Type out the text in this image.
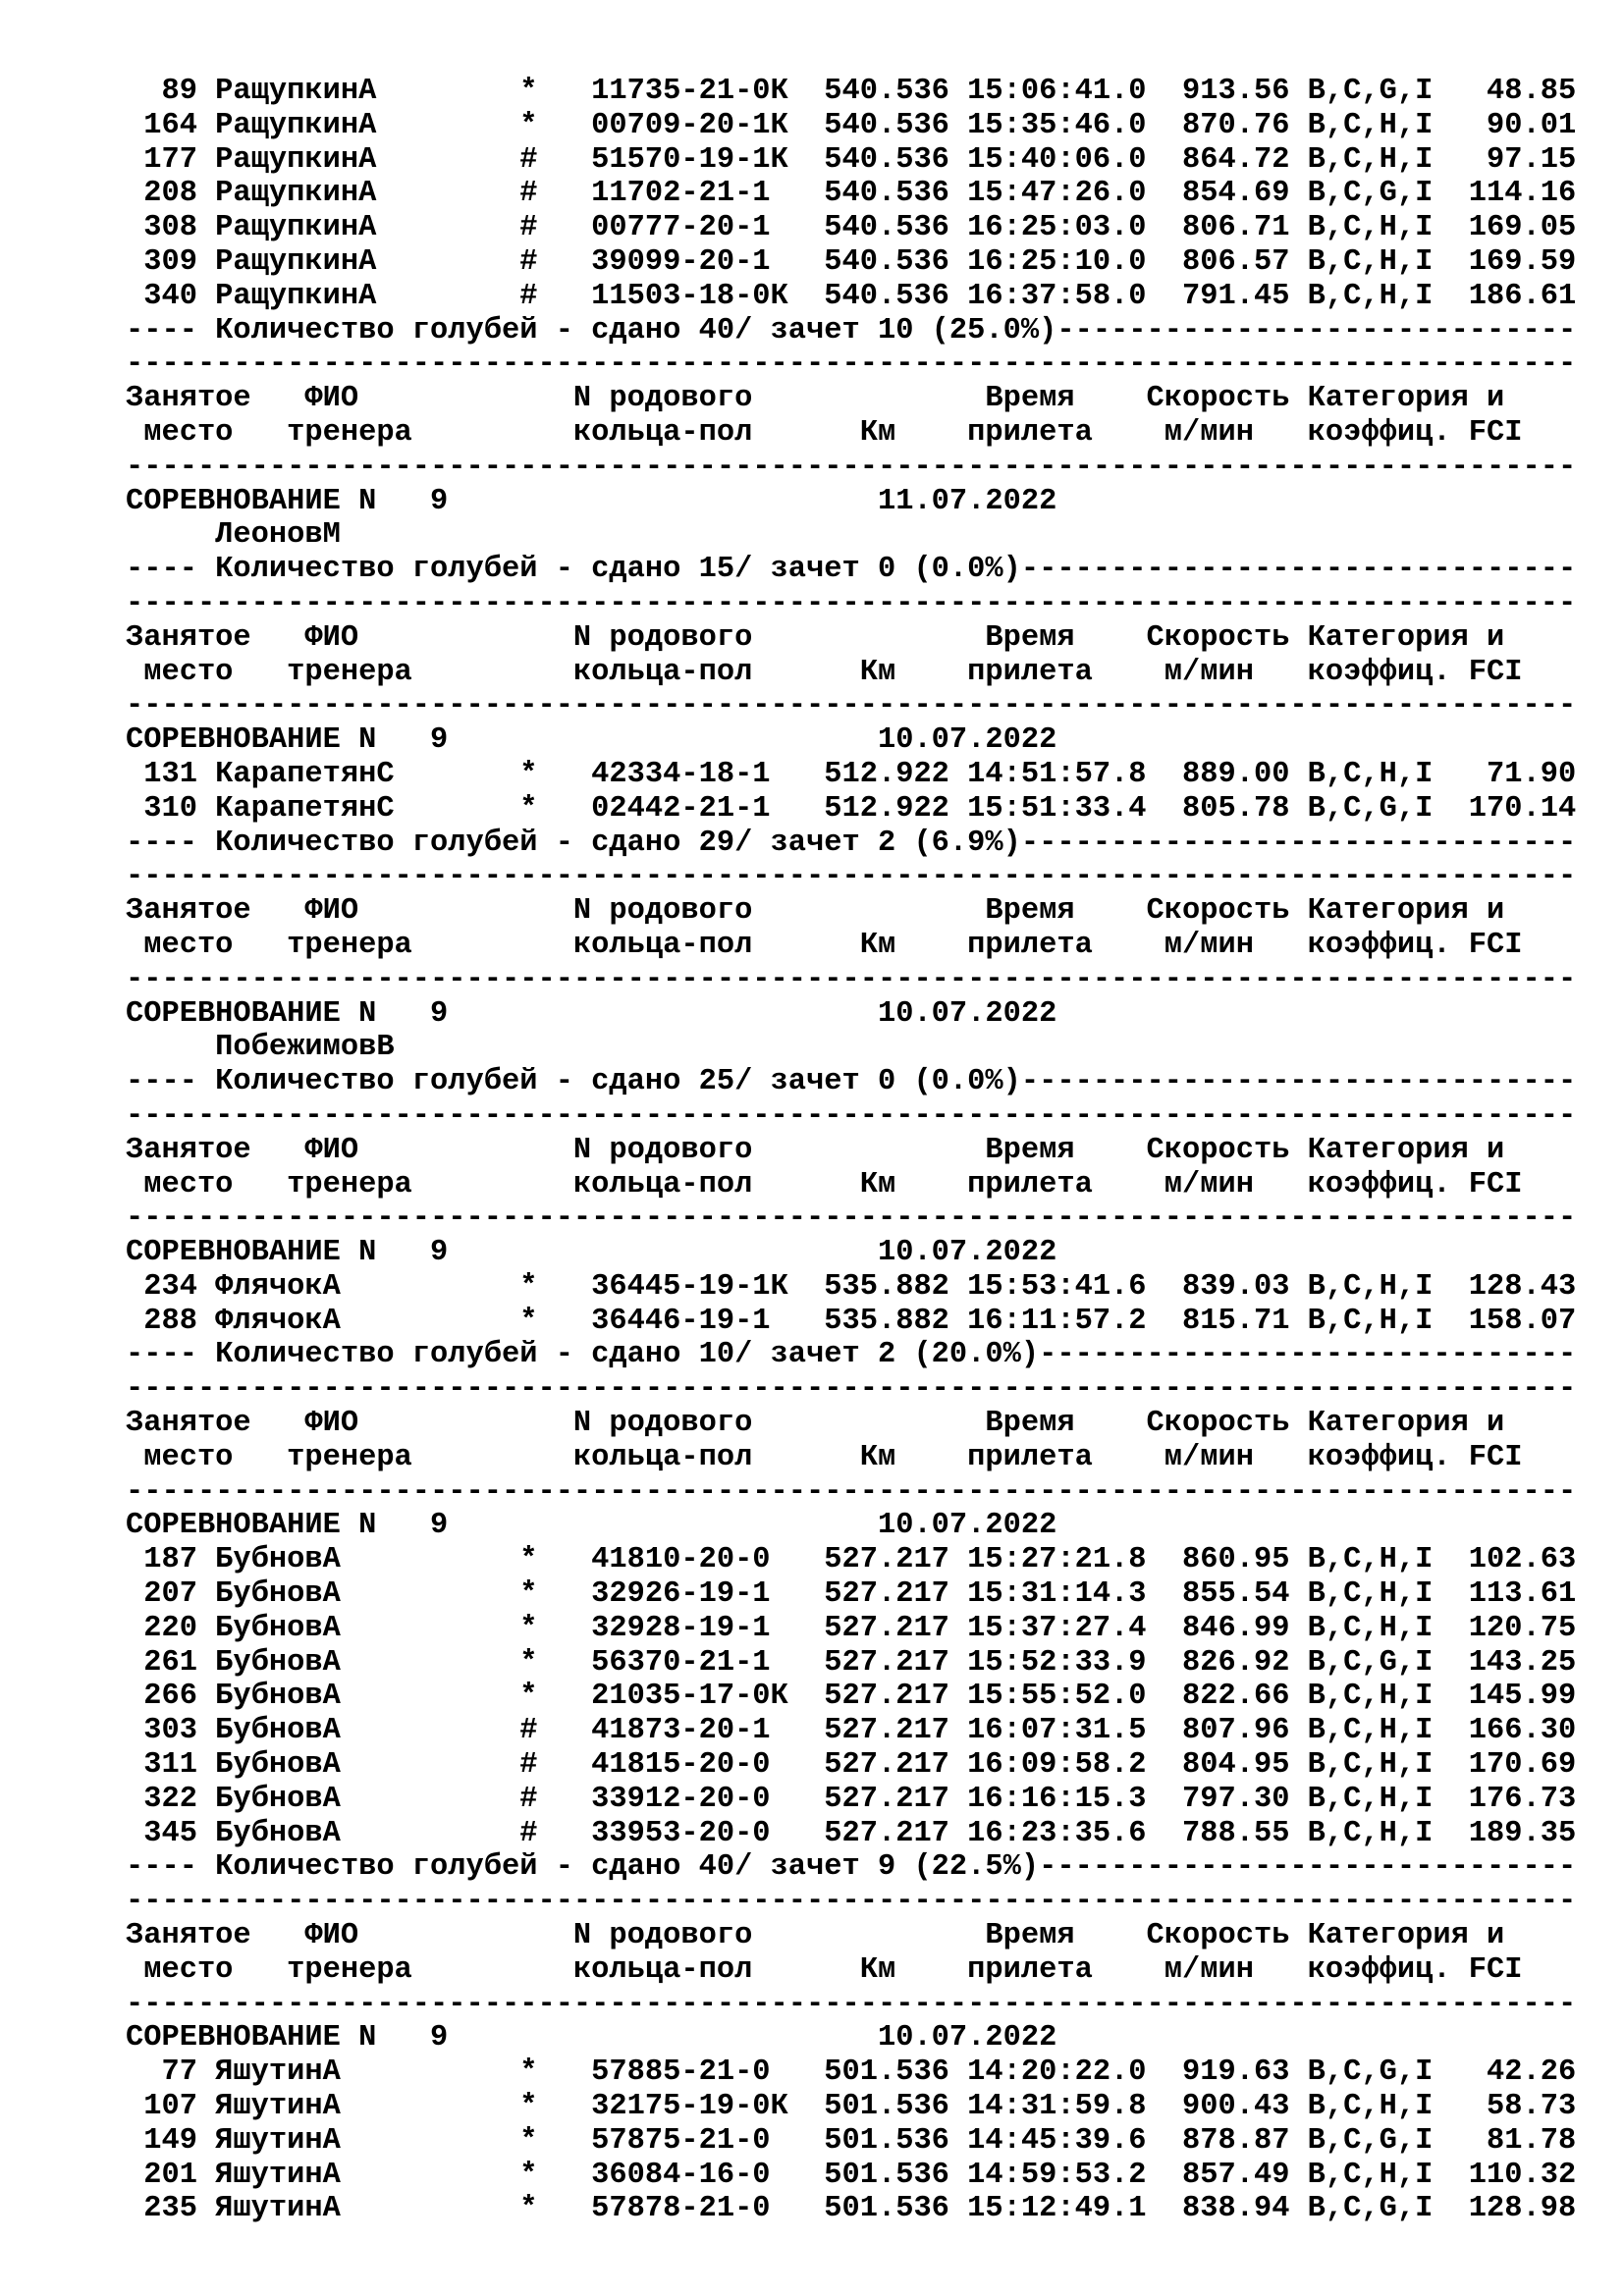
89 РащупкинА        *   11735-21-0К  540.536 15:06:41.0  913.56 B,C,G,I   48.85
164 РащупкинА        *   00709-20-1К  540.536 15:35:46.0  870.76 B,C,H,I   90.01
177 РащупкинА        #   51570-19-1К  540.536 15:40:06.0  864.72 B,C,H,I   97.15
208 РащупкинА        #   11702-21-1   540.536 15:47:26.0  854.69 B,C,G,I  114.16
308 РащупкинА        #   00777-20-1   540.536 16:25:03.0  806.71 B,C,H,I  169.05
309 РащупкинА        #   39099-20-1   540.536 16:25:10.0  806.57 B,C,H,I  169.59
340 РащупкинА        #   11503-18-0К  540.536 16:37:58.0  791.45 B,C,H,I  186.61
---- Количество голубей - сдано 40/ зачет 10 (25.0%)-----------------------------
---------------------------------------------------------------------------------
Занятое   ФИО            N родового             Время    Скорость Категория и
место   тренера         кольца-пол      Км    прилета    м/мин   коэффиц. FCI
---------------------------------------------------------------------------------
СОРЕВНОВАНИЕ N   9                        11.07.2022
ЛеоновМ
---- Количество голубей - сдано 15/ зачет 0 (0.0%)-------------------------------
---------------------------------------------------------------------------------
Занятое   ФИО            N родового             Время    Скорость Категория и
место   тренера         кольца-пол      Км    прилета    м/мин   коэффиц. FCI
---------------------------------------------------------------------------------
СОРЕВНОВАНИЕ N   9                        10.07.2022
131 КарапетянС       *   42334-18-1   512.922 14:51:57.8  889.00 B,C,H,I   71.90
310 КарапетянС       *   02442-21-1   512.922 15:51:33.4  805.78 B,C,G,I  170.14
---- Количество голубей - сдано 29/ зачет 2 (6.9%)-------------------------------
---------------------------------------------------------------------------------
Занятое   ФИО            N родового             Время    Скорость Категория и
место   тренера         кольца-пол      Км    прилета    м/мин   коэффиц. FCI
---------------------------------------------------------------------------------
СОРЕВНОВАНИЕ N   9                        10.07.2022
ПобежимовВ
---- Количество голубей - сдано 25/ зачет 0 (0.0%)-------------------------------
---------------------------------------------------------------------------------
Занятое   ФИО            N родового             Время    Скорость Категория и
место   тренера         кольца-пол      Км    прилета    м/мин   коэффиц. FCI
---------------------------------------------------------------------------------
СОРЕВНОВАНИЕ N   9                        10.07.2022
234 ФлячокА          *   36445-19-1К  535.882 15:53:41.6  839.03 B,C,H,I  128.43
288 ФлячокА          *   36446-19-1   535.882 16:11:57.2  815.71 B,C,H,I  158.07
---- Количество голубей - сдано 10/ зачет 2 (20.0%)------------------------------
---------------------------------------------------------------------------------
Занятое   ФИО            N родового             Время    Скорость Категория и
место   тренера         кольца-пол      Км    прилета    м/мин   коэффиц. FCI
---------------------------------------------------------------------------------
СОРЕВНОВАНИЕ N   9                        10.07.2022
187 БубновА          *   41810-20-0   527.217 15:27:21.8  860.95 B,C,H,I  102.63
207 БубновА          *   32926-19-1   527.217 15:31:14.3  855.54 B,C,H,I  113.61
220 БубновА          *   32928-19-1   527.217 15:37:27.4  846.99 B,C,H,I  120.75
261 БубновА          *   56370-21-1   527.217 15:52:33.9  826.92 B,C,G,I  143.25
266 БубновА          *   21035-17-0К  527.217 15:55:52.0  822.66 B,C,H,I  145.99
303 БубновА          #   41873-20-1   527.217 16:07:31.5  807.96 B,C,H,I  166.30
311 БубновА          #   41815-20-0   527.217 16:09:58.2  804.95 B,C,H,I  170.69
322 БубновА          #   33912-20-0   527.217 16:16:15.3  797.30 B,C,H,I  176.73
345 БубновА          #   33953-20-0   527.217 16:23:35.6  788.55 B,C,H,I  189.35
---- Количество голубей - сдано 40/ зачет 9 (22.5%)------------------------------
---------------------------------------------------------------------------------
Занятое   ФИО            N родового             Время    Скорость Категория и
место   тренера         кольца-пол      Км    прилета    м/мин   коэффиц. FCI
---------------------------------------------------------------------------------
СОРЕВНОВАНИЕ N   9                        10.07.2022
77 ЯшутинА          *   57885-21-0   501.536 14:20:22.0  919.63 B,C,G,I   42.26
107 ЯшутинА          *   32175-19-0К  501.536 14:31:59.8  900.43 B,C,H,I   58.73
149 ЯшутинА          *   57875-21-0   501.536 14:45:39.6  878.87 B,C,G,I   81.78
201 ЯшутинА          *   36084-16-0   501.536 14:59:53.2  857.49 B,C,H,I  110.32
235 ЯшутинА          *   57878-21-0   501.536 15:12:49.1  838.94 B,C,G,I  128.98
